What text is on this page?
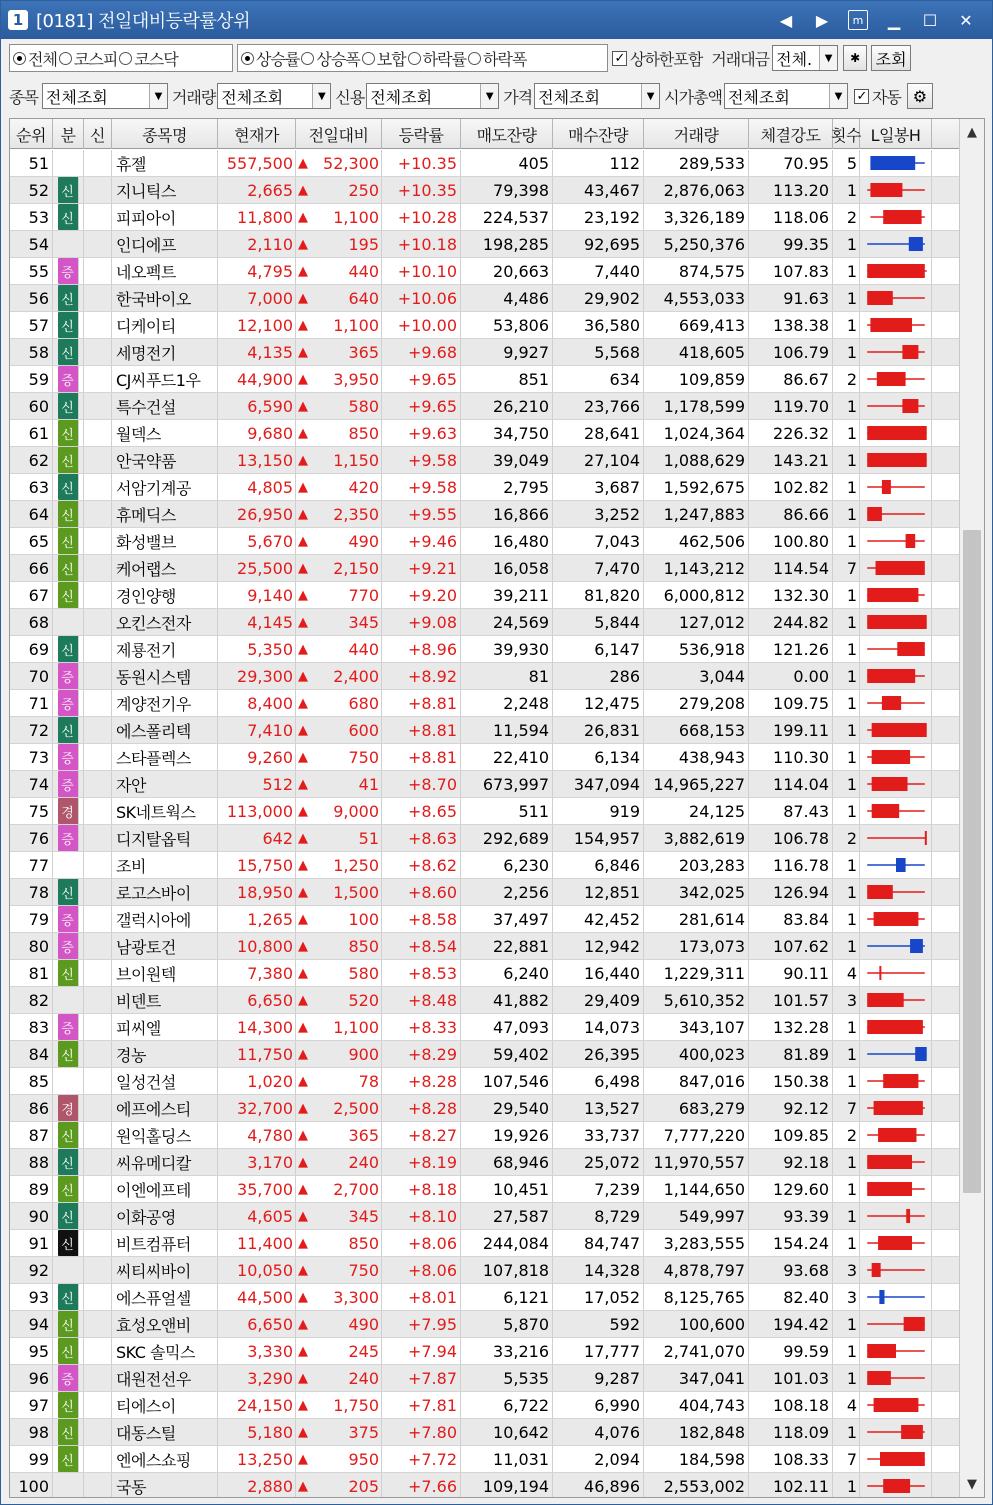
1 [0181] 전일대비등락률상위	◀ ▶	m ▁ ☐ ✕
전체 코스피 코스닥	상승률 상승폭 보합 하락률 하락폭	✓ 상하한포함 거래대금 전체.	▼	✱ 조회
종목 전체조회	▼ 거래량 전체조회	▼ 신용 전체조회	▼ 가격 전체조회	▼ 시가총액 전체조회	▼	✓ 자동 ⚙
순위 분 신	종목명	현재가	전일대비	등락률	매도잔량	매수잔량	거래량	체결강도 횟수 L일봉H
51	휴젤	557,500 ▲ 52,300	+10.35	405	112	289,533	70.95	5
52 신	지니틱스	2,665 ▲	250	+10.35	79,398	43,467	2,876,063	113.20	1
53 신	피피아이	11,800 ▲ 1,100	+10.28	224,537	23,192	3,326,189	118.06	2
54	인디에프	2,110 ▲	195	+10.18	198,285	92,695	5,250,376	99.35	1
55 증	네오펙트	4,795 ▲	440	+10.10	20,663	7,440	874,575	107.83	1
56 신	한국바이오	7,000 ▲	640	+10.06	4,486	29,902	4,553,033	91.63	1
57 신	디케이티	12,100 ▲ 1,100	+10.00	53,806	36,580	669,413	138.38	1
58 신	세명전기	4,135 ▲	365	+9.68	9,927	5,568	418,605	106.79	1
59 증	CJ씨푸드1우	44,900 ▲ 3,950	+9.65	851	634	109,859	86.67	2
60 신	특수건설	6,590 ▲	580	+9.65	26,210	23,766	1,178,599	119.70	1
61 신	월덱스	9,680 ▲	850	+9.63	34,750	28,641	1,024,364	226.32	1
62 신	안국약품	13,150 ▲ 1,150	+9.58	39,049	27,104	1,088,629	143.21	1
63 신	서암기계공	4,805 ▲	420	+9.58	2,795	3,687	1,592,675	102.82	1
64 신	휴메딕스	26,950 ▲ 2,350	+9.55	16,866	3,252	1,247,883	86.66	1
65 신	화성밸브	5,670 ▲	490	+9.46	16,480	7,043	462,506	100.80	1
66 신	케어랩스	25,500 ▲ 2,150	+9.21	16,058	7,470	1,143,212	114.54	7
67 신	경인양행	9,140 ▲	770	+9.20	39,211	81,820	6,000,812	132.30	1
68	오킨스전자	4,145 ▲	345	+9.08	24,569	5,844	127,012	244.82	1
69 신	제룡전기	5,350 ▲	440	+8.96	39,930	6,147	536,918	121.26	1
70 증	동원시스템	29,300 ▲ 2,400	+8.92	81	286	3,044	0.00	1
71 증	계양전기우	8,400 ▲	680	+8.81	2,248	12,475	279,208	109.75	1
72 신	에스폴리텍	7,410 ▲	600	+8.81	11,594	26,831	668,153	199.11	1
73 증	스타플렉스	9,260 ▲	750	+8.81	22,410	6,134	438,943	110.30	1
74 증	자안	512 ▲	41	+8.70	673,997	347,094 14,965,227	114.04	1
75 경	SK네트웍스	113,000 ▲ 9,000	+8.65	511	919	24,125	87.43	1
76 증	디지탈옵틱	642 ▲	51	+8.63	292,689	154,957	3,882,619	106.78	2
77	조비	15,750 ▲ 1,250	+8.62	6,230	6,846	203,283	116.78	1
78 신	로고스바이	18,950 ▲ 1,500	+8.60	2,256	12,851	342,025	126.94	1
79 증	갤럭시아에	1,265 ▲	100	+8.58	37,497	42,452	281,614	83.84	1
80 증	남광토건	10,800 ▲	850	+8.54	22,881	12,942	173,073	107.62	1
81 신	브이원텍	7,380 ▲	580	+8.53	6,240	16,440	1,229,311	90.11	4
82	비덴트	6,650 ▲	520	+8.48	41,882	29,409	5,610,352	101.57	3
83 증	피씨엘	14,300 ▲ 1,100	+8.33	47,093	14,073	343,107	132.28	1
84 신	경농	11,750 ▲	900	+8.29	59,402	26,395	400,023	81.89	1
85	일성건설	1,020 ▲	78	+8.28	107,546	6,498	847,016	150.38	1
86 경	에프에스티	32,700 ▲ 2,500	+8.28	29,540	13,527	683,279	92.12	7
87 신	원익홀딩스	4,780 ▲	365	+8.27	19,926	33,737	7,777,220	109.85	2
88 신	씨유메디칼	3,170 ▲	240	+8.19	68,946	25,072 11,970,557	92.18	1
89 신	이엔에프테	35,700 ▲ 2,700	+8.18	10,451	7,239	1,144,650	129.60	1
90 신	이화공영	4,605 ▲	345	+8.10	27,587	8,729	549,997	93.39	1
91 신	비트컴퓨터	11,400 ▲	850	+8.06	244,084	84,747	3,283,555	154.24	1
92	씨티씨바이	10,050 ▲	750	+8.06	107,818	14,328	4,878,797	93.68	3
93 신	에스퓨얼셀	44,500 ▲ 3,300	+8.01	6,121	17,052	8,125,765	82.40	3
94 신	효성오앤비	6,650 ▲	490	+7.95	5,870	592	100,600	194.42	1
95 신	SKC 솔믹스	3,330 ▲	245	+7.94	33,216	17,777	2,741,070	99.59	1
96 증	대원전선우	3,290 ▲	240	+7.87	5,535	9,287	347,041	101.03	1
97 신	티에스이	24,150 ▲ 1,750	+7.81	6,722	6,990	404,743	108.18	4
98 신	대동스틸	5,180 ▲	375	+7.80	10,642	4,076	182,848	118.09	1
99 신	엔에스쇼핑	13,250 ▲	950	+7.72	11,031	2,094	184,598	108.33	7
100	국동	2,880 ▲	205	+7.66	109,194	46,896	2,553,002	102.11	1
▲
▼
